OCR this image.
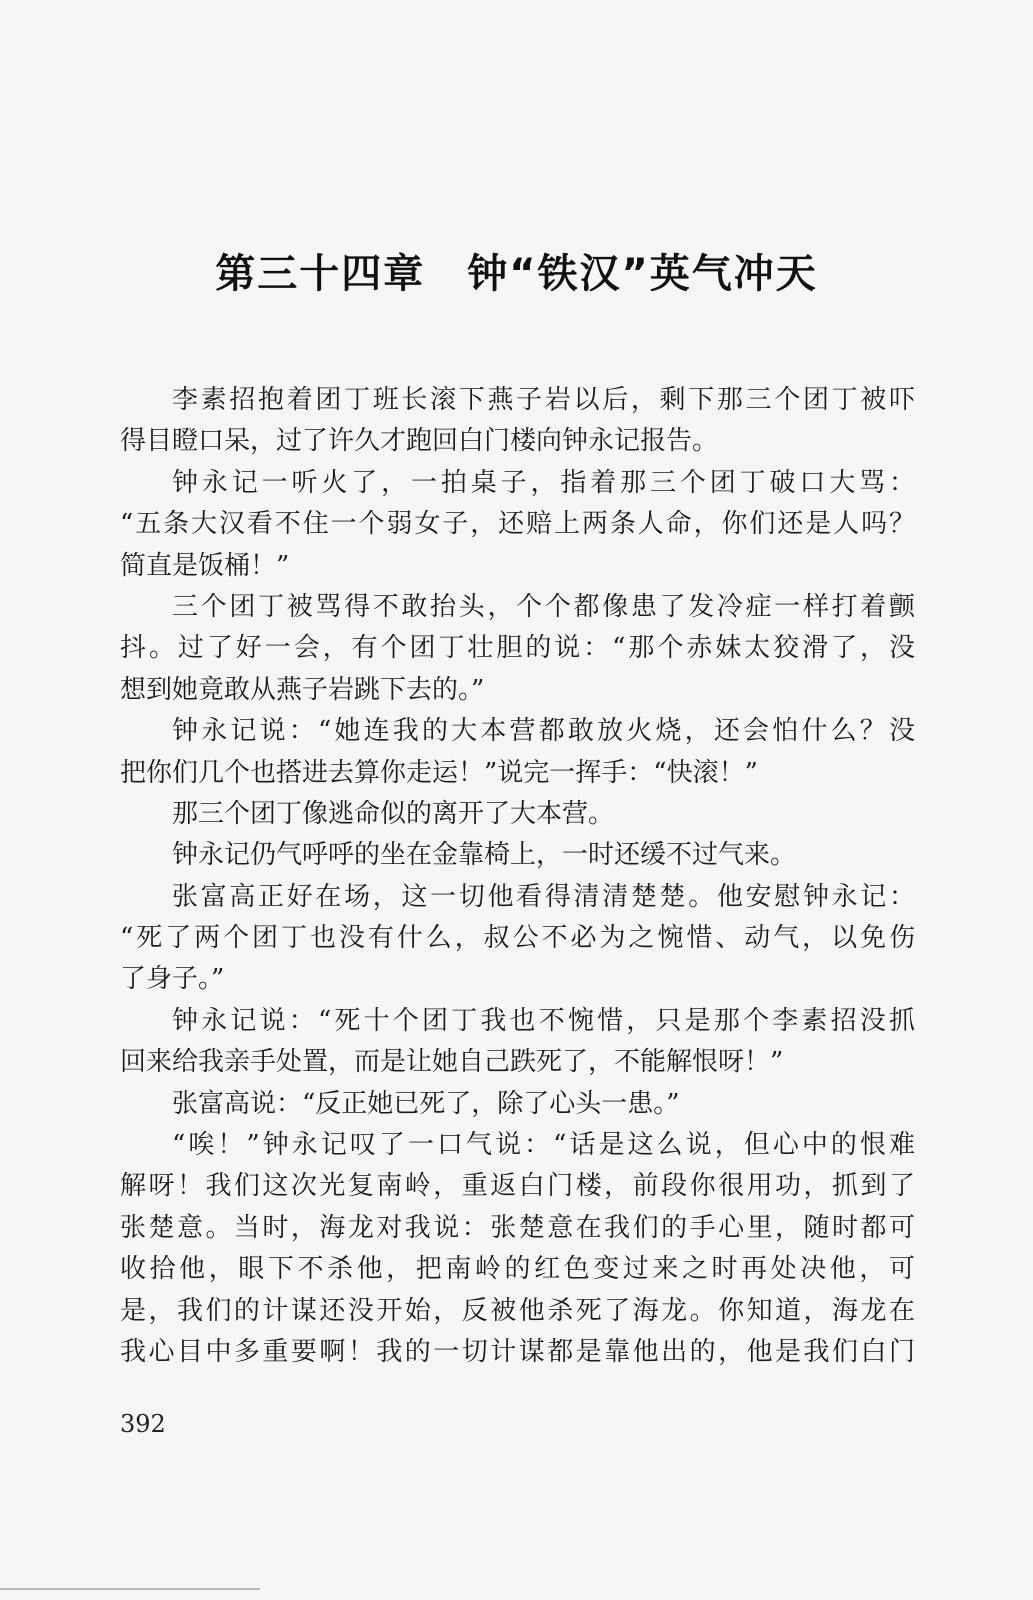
第三十四章　钟“铁汉”英气冲天
李素招抱着团丁班长滚下燕子岩以后，剩下那三个团丁被吓
得目瞪口呆，过了许久才跑回白门楼向钟永记报告。
钟永记一听火了，一拍桌子，指着那三个团丁破口大骂：
“五条大汉看不住一个弱女子，还赔上两条人命，你们还是人吗？
简直是饭桶！”
三个团丁被骂得不敢抬头，个个都像患了发冷症一样打着颤
抖。过了好一会，有个团丁壮胆的说：“那个赤妹太狡滑了，没
想到她竟敢从燕子岩跳下去的。”
钟永记说：“她连我的大本营都敢放火烧，还会怕什么？没
把你们几个也搭进去算你走运！”说完一挥手：“快滚！”
那三个团丁像逃命似的离开了大本营。
钟永记仍气呼呼的坐在金靠椅上，一时还缓不过气来。
张富高正好在场，这一切他看得清清楚楚。他安慰钟永记：
“死了两个团丁也没有什么，叔公不必为之惋惜、动气，以免伤
了身子。”
钟永记说：“死十个团丁我也不惋惜，只是那个李素招没抓
回来给我亲手处置，而是让她自己跌死了，不能解恨呀！”
张富高说：“反正她已死了，除了心头一患。”
“唉！”钟永记叹了一口气说：“话是这么说，但心中的恨难
解呀！我们这次光复南岭，重返白门楼，前段你很用功，抓到了
张楚意。当时，海龙对我说：张楚意在我们的手心里，随时都可
收拾他，眼下不杀他，把南岭的红色变过来之时再处决他，可
是，我们的计谋还没开始，反被他杀死了海龙。你知道，海龙在
我心目中多重要啊！我的一切计谋都是靠他出的，他是我们白门
392
